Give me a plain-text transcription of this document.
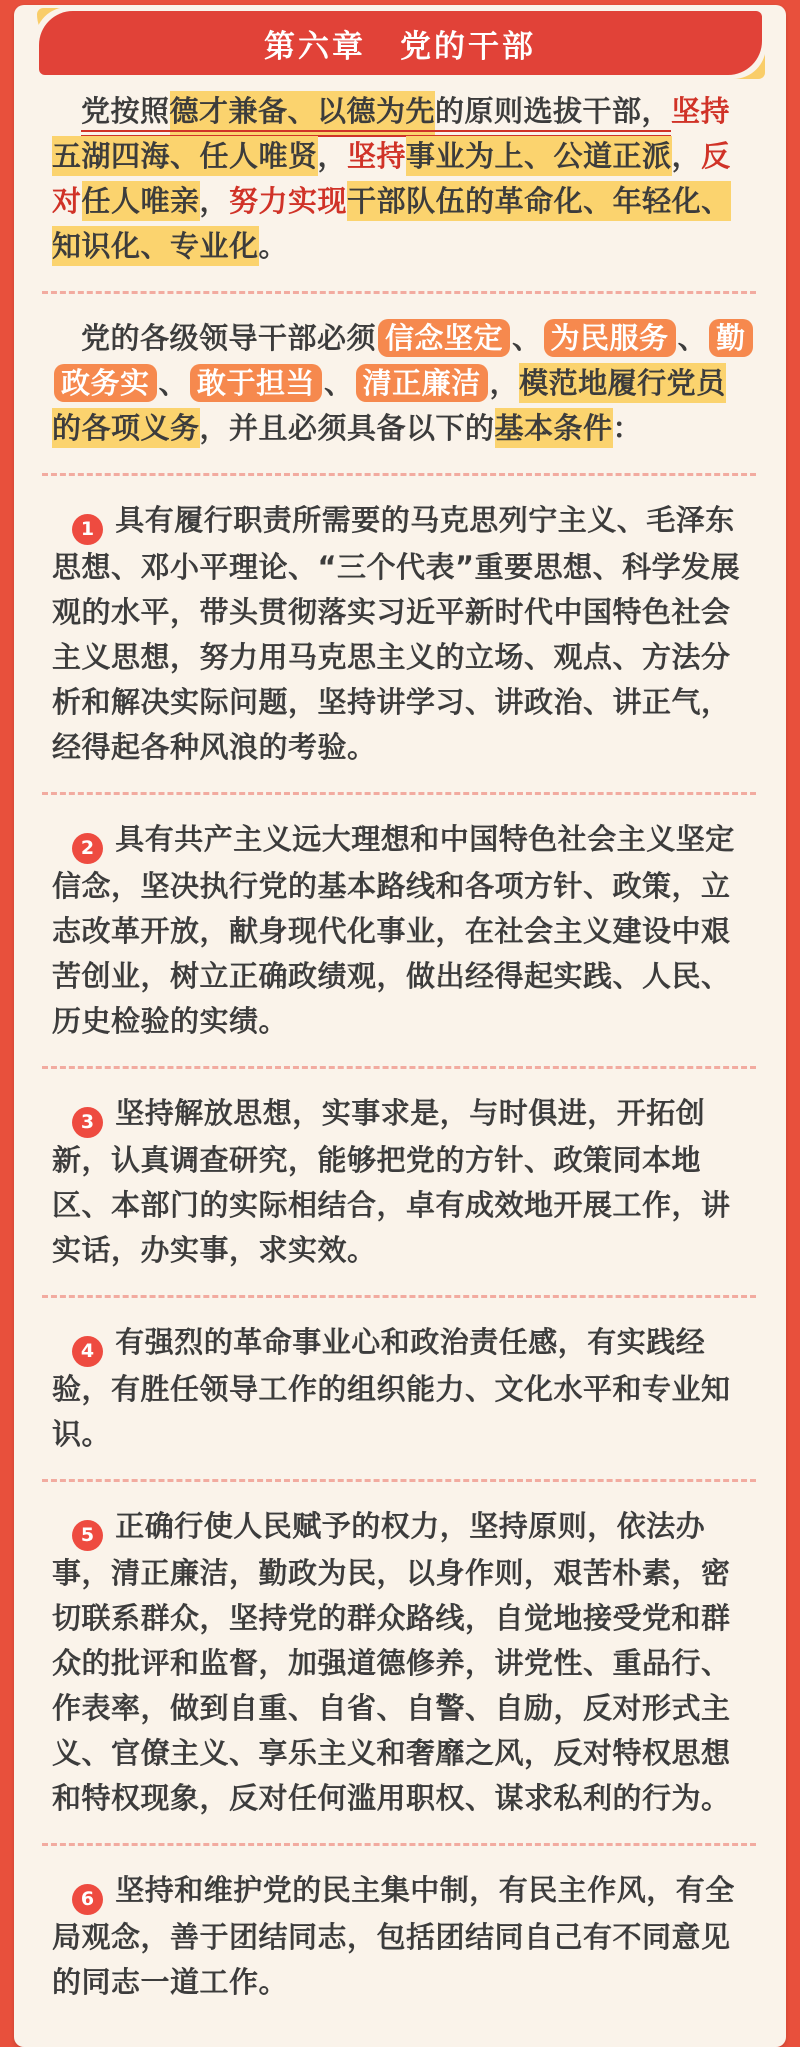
第六章　党的干部

党按照德才兼备、以德为先的原则选拔干部，坚持五湖四海、任人唯贤，坚持事业为上、公道正派，反对任人唯亲，努力实现干部队伍的革命化、年轻化、知识化、专业化。

党的各级领导干部必须 信念坚定 、 为民服务 、 勤政务实 、 敢于担当 、 清正廉洁 ，模范地履行党员的各项义务，并且必须具备以下的基本条件：

1 具有履行职责所需要的马克思列宁主义、毛泽东思想、邓小平理论、“三个代表”重要思想、科学发展观的水平，带头贯彻落实习近平新时代中国特色社会主义思想，努力用马克思主义的立场、观点、方法分析和解决实际问题，坚持讲学习、讲政治、讲正气，经得起各种风浪的考验。

2 具有共产主义远大理想和中国特色社会主义坚定信念，坚决执行党的基本路线和各项方针、政策，立志改革开放，献身现代化事业，在社会主义建设中艰苦创业，树立正确政绩观，做出经得起实践、人民、历史检验的实绩。

3 坚持解放思想，实事求是，与时俱进，开拓创新，认真调查研究，能够把党的方针、政策同本地区、本部门的实际相结合，卓有成效地开展工作，讲实话，办实事，求实效。

4 有强烈的革命事业心和政治责任感，有实践经验，有胜任领导工作的组织能力、文化水平和专业知识。

5 正确行使人民赋予的权力，坚持原则，依法办事，清正廉洁，勤政为民，以身作则，艰苦朴素，密切联系群众，坚持党的群众路线，自觉地接受党和群众的批评和监督，加强道德修养，讲党性、重品行、作表率，做到自重、自省、自警、自励，反对形式主义、官僚主义、享乐主义和奢靡之风，反对特权思想和特权现象，反对任何滥用职权、谋求私利的行为。

6 坚持和维护党的民主集中制，有民主作风，有全局观念，善于团结同志，包括团结同自己有不同意见的同志一道工作。
